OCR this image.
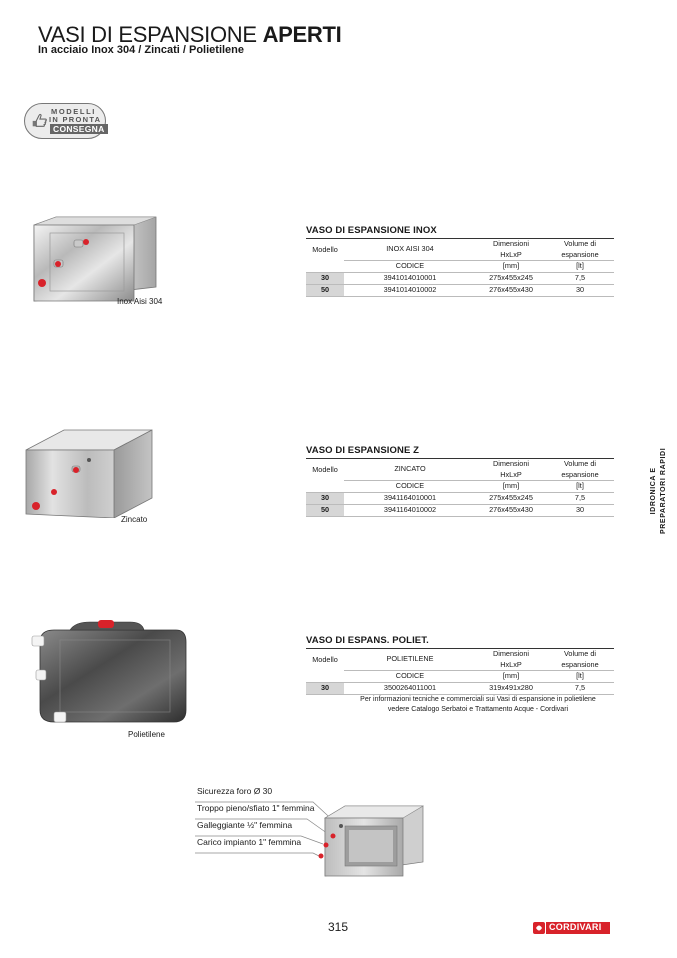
VASI DI ESPANSIONE APERTI
In acciaio Inox 304 / Zincati / Polietilene
MODELLI
IN PRONTA
CONSEGNA
Inox Aisi 304
VASO DI ESPANSIONE INOX
Modello	INOX AISI 304	Dimensioni	Volume di
		HxLxP	espansione
	CODICE	[mm]	[lt]
30	3941014010001	275x455x245	7,5
50	3941014010002	276x455x430	30
Zincato
VASO DI ESPANSIONE Z
Modello	ZINCATO	Dimensioni	Volume di
		HxLxP	espansione
	CODICE	[mm]	[lt]
30	3941164010001	275x455x245	7,5
50	3941164010002	276x455x430	30
Polietilene
VASO DI ESPANS. POLIET.
Modello	POLIETILENE	Dimensioni	Volume di
		HxLxP	espansione
	CODICE	[mm]	[lt]
30	3500264011001	319x491x280	7,5
Per informazioni tecniche e commerciali sui Vasi di espansione in polietilene
vedere Catalogo Serbatoi e Trattamento Acque - Cordivari
IDRONICA E PREPARATORI RAPIDI
Sicurezza foro Ø 30
Troppo pieno/sfiato 1" femmina
Galleggiante ½" femmina
Carico impianto 1" femmina
315	CORDIVARI
